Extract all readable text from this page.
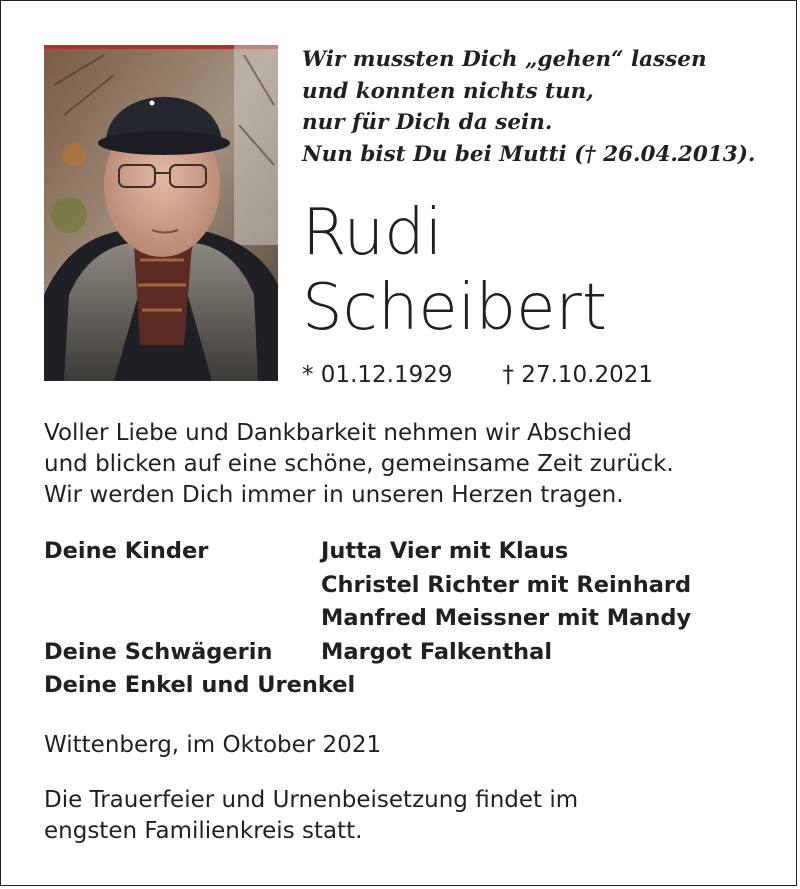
Wir mussten Dich „gehen“ lassen
und konnten nichts tun,
nur für Dich da sein.
Nun bist Du bei Mutti († 26.04.2013).
Rudi
Scheibert
* 01.12.1929 † 27.10.2021
Voller Liebe und Dankbarkeit nehmen wir Abschied
und blicken auf eine schöne, gemeinsame Zeit zurück.
Wir werden Dich immer in unseren Herzen tragen.
Deine Kinder	Jutta Vier mit Klaus
Christel Richter mit Reinhard
Manfred Meissner mit Mandy
Deine Schwägerin	Margot Falkenthal
Deine Enkel und Urenkel
Wittenberg, im Oktober 2021
Die Trauerfeier und Urnenbeisetzung findet im
engsten Familienkreis statt.
